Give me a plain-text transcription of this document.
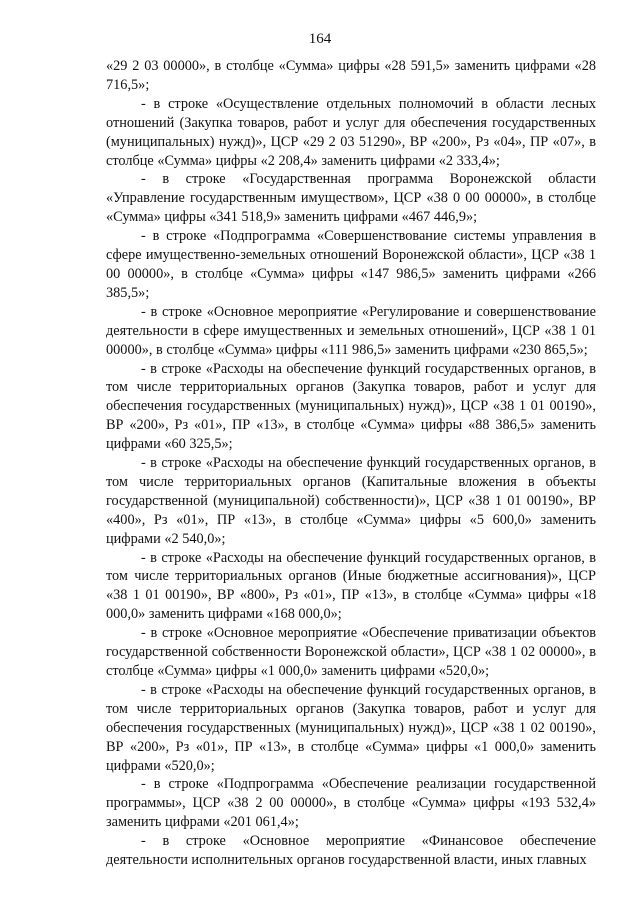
164

«29 2 03 00000», в столбце «Сумма» цифры «28 591,5» заменить цифрами «28 716,5»;

- в строке «Осуществление отдельных полномочий в области лесных отношений (Закупка товаров, работ и услуг для обеспечения государственных (муниципальных) нужд)», ЦСР «29 2 03 51290», ВР «200», Рз «04», ПР «07», в столбце «Сумма» цифры «2 208,4» заменить цифрами «2 333,4»;

- в строке «Государственная программа Воронежской области «Управление государственным имуществом», ЦСР «38 0 00 00000», в столбце «Сумма» цифры «341 518,9» заменить цифрами «467 446,9»;

- в строке «Подпрограмма «Совершенствование системы управления в сфере имущественно-земельных отношений Воронежской области», ЦСР «38 1 00 00000», в столбце «Сумма» цифры «147 986,5» заменить цифрами «266 385,5»;

- в строке «Основное мероприятие «Регулирование и совершенствование деятельности в сфере имущественных и земельных отношений», ЦСР «38 1 01 00000», в столбце «Сумма» цифры «111 986,5» заменить цифрами «230 865,5»;

- в строке «Расходы на обеспечение функций государственных органов, в том числе территориальных органов (Закупка товаров, работ и услуг для обеспечения государственных (муниципальных) нужд)», ЦСР «38 1 01 00190», ВР «200», Рз «01», ПР «13», в столбце «Сумма» цифры «88 386,5» заменить цифрами «60 325,5»;

- в строке «Расходы на обеспечение функций государственных органов, в том числе территориальных органов (Капитальные вложения в объекты государственной (муниципальной) собственности)», ЦСР «38 1 01 00190», ВР «400», Рз «01», ПР «13», в столбце «Сумма» цифры «5 600,0» заменить цифрами «2 540,0»;

- в строке «Расходы на обеспечение функций государственных органов, в том числе территориальных органов (Иные бюджетные ассигнования)», ЦСР «38 1 01 00190», ВР «800», Рз «01», ПР «13», в столбце «Сумма» цифры «18 000,0» заменить цифрами «168 000,0»;

- в строке «Основное мероприятие «Обеспечение приватизации объектов государственной собственности Воронежской области», ЦСР «38 1 02 00000», в столбце «Сумма» цифры «1 000,0» заменить цифрами «520,0»;

- в строке «Расходы на обеспечение функций государственных органов, в том числе территориальных органов (Закупка товаров, работ и услуг для обеспечения государственных (муниципальных) нужд)», ЦСР «38 1 02 00190», ВР «200», Рз «01», ПР «13», в столбце «Сумма» цифры «1 000,0» заменить цифрами «520,0»;

- в строке «Подпрограмма «Обеспечение реализации государственной программы», ЦСР «38 2 00 00000», в столбце «Сумма» цифры «193 532,4» заменить цифрами «201 061,4»;

- в строке «Основное мероприятие «Финансовое обеспечение деятельности исполнительных органов государственной власти, иных главных
